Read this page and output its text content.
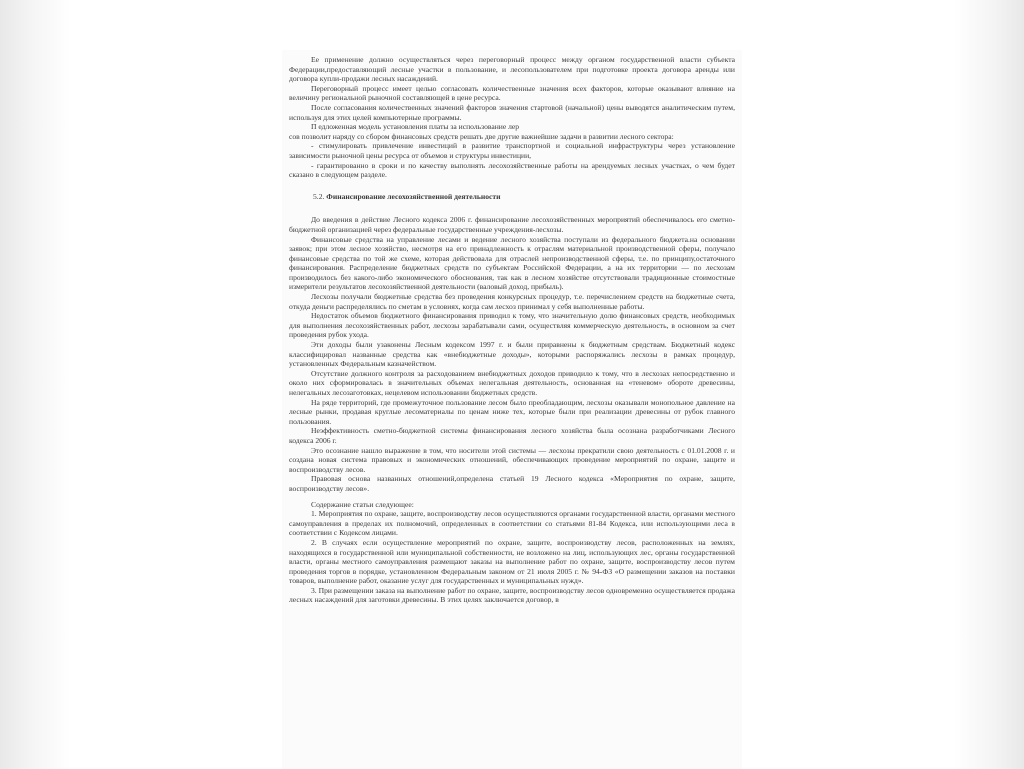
Ее применение должно осуществляться через переговорный процесс между органом государственной власти субъекта Федерации,предоставляющий лесные участки в пользование, и лесопользователем при подготовке проекта договора аренды или договора купли-продажи лесных насаждений.

Переговорный процесс имеет целью согласовать количественные значения всех факторов, которые оказывают влияние на величину региональной рыночной составляющей в цене ресурса.

После согласования количественных значений факторов значения стартовой (начальной) цены выводятся аналитическим путем, используя для этих целей компьютерные программы.

П едложенная модель установления платы за использование лер

сов позволит наряду со сбором финансовых средств решать две другие важнейшие задачи в развитии лесного сектора:

- стимулировать привлечение инвестиций в развитие транспортной и социальной инфраструктуры через установление зависимости рыночной цены ресурса от объемов и структуры инвестиции,

- гарантированно в сроки и по качеству выполнять лесохозяйственные работы на арендуемых лесных участках, о чем будет сказано в следующем разделе.

5.2. Финансирование лесохозяйственной деятельности

До введения в действие Лесного кодекса 2006 г. финансирование лесохозяйственных мероприятий обеспечивалось его сметно-бюджетной организацией через федеральные государственные учреждения-лесхозы.

Финансовые средства на управление лесами и ведение лесного хозяйства поступали из федерального бюджета.на основании заявок; при этом лесное хозяйство, несмотря на его принадлежность к отраслям материальной производственной сферы, получало финансовые средства по той же схеме, которая действовала для отраслей непроизводственной сферы, т.е. по принципу,остаточного финансирования. Распределение бюджетных средств по субъектам Российской Федерации, а на их территории — по лесхозам производилось без какого-либо экономического обоснования, так как в лесном хозяйстве отсутствовали традиционные стоимостные измерители результатов лесохозяйственной деятельности (валовый доход, прибыль).

Лесхозы получали бюджетные средства без проведения конкурсных процедур, т.е. перечислением средств на бюджетные счета, откуда деньги распределялись по сметам в условиях, когда сам лесхоз принимал у себя выполненные работы.

Недостаток объемов бюджетного финансирования приводил к тому, что значительную долю финансовых средств, необходимых для выполнения лесохозяйственных работ, лесхозы зарабатывали сами, осуществляя коммерческую деятельность, в основном за счет проведения рубок ухода.

Эти доходы были узаконены Лесным кодексом 1997 г. и были приравнены к бюджетным средствам. Бюджетный кодекс классифицировал названные средства как «внебюджетные доходы», которыми распоряжались лесхозы в рамках процедур, установленных Федеральным казначейством.

Отсутствие должного контроля за расходованием внебюджетных доходов приводило к тому, что в лесхозах непосредственно и около них сформировалась в значительных объемах нелегальная деятельность, основанная на «теневом» обороте древесины, нелегальных лесозаготовках, нецелевом использовании бюджетных средств.

На ряде территорий, где промежуточное пользование лесом было преобладающим, лесхозы оказывали монопольное давление на лесные рынки, продавая круглые лесоматериалы по ценам ниже тех, которые были при реализации древесины от рубок главного пользования.

Неэффективность сметно-бюджетной системы финансирования лесного хозяйства была осознана разработчиками Лесного кодекса 2006 г.

Это осознание нашло выражение в том, что носители этой системы — лесхозы прекратили свою деятельность с 01.01.2008 г. и создана новая система правовых и экономических отношений, обеспечивающих проведение мероприятий по охране, защите и воспроизводству лесов.

Правовая основа названных отношений,определена статьей 19 Лесного кодекса «Мероприятия по охране, защите, воспроизводству лесов».

Содержание статьи следующее:

1. Мероприятия по охране, защите, воспроизводству лесов осуществляются органами государственной власти, органами местного самоуправления в пределах их полномочий, определенных в соответствии со статьями 81-84 Кодекса, или использующими леса в соответствии с Кодексом лицами.

2. В случаях если осуществление мероприятий по охране, защите, воспроизводству лесов, расположенных на землях, находящихся в государственной или муниципальной собственности, не возложено на лиц, использующих лес, органы государственной власти, органы местного самоуправления размещают заказы на выполнение работ по охране, защите, воспроизводству лесов путем проведения торгов в порядке, установленном Федеральным законом от 21 июля 2005 г. № 94-ФЗ «О размещении заказов на поставки товаров, выполнение работ, оказание услуг для государственных и муниципальных нужд».

3. При размещении заказа на выполнение работ по охране, защите, воспроизводству лесов одновременно осуществляется продажа лесных насаждений для заготовки древесины. В этих целях заключается договор, в
